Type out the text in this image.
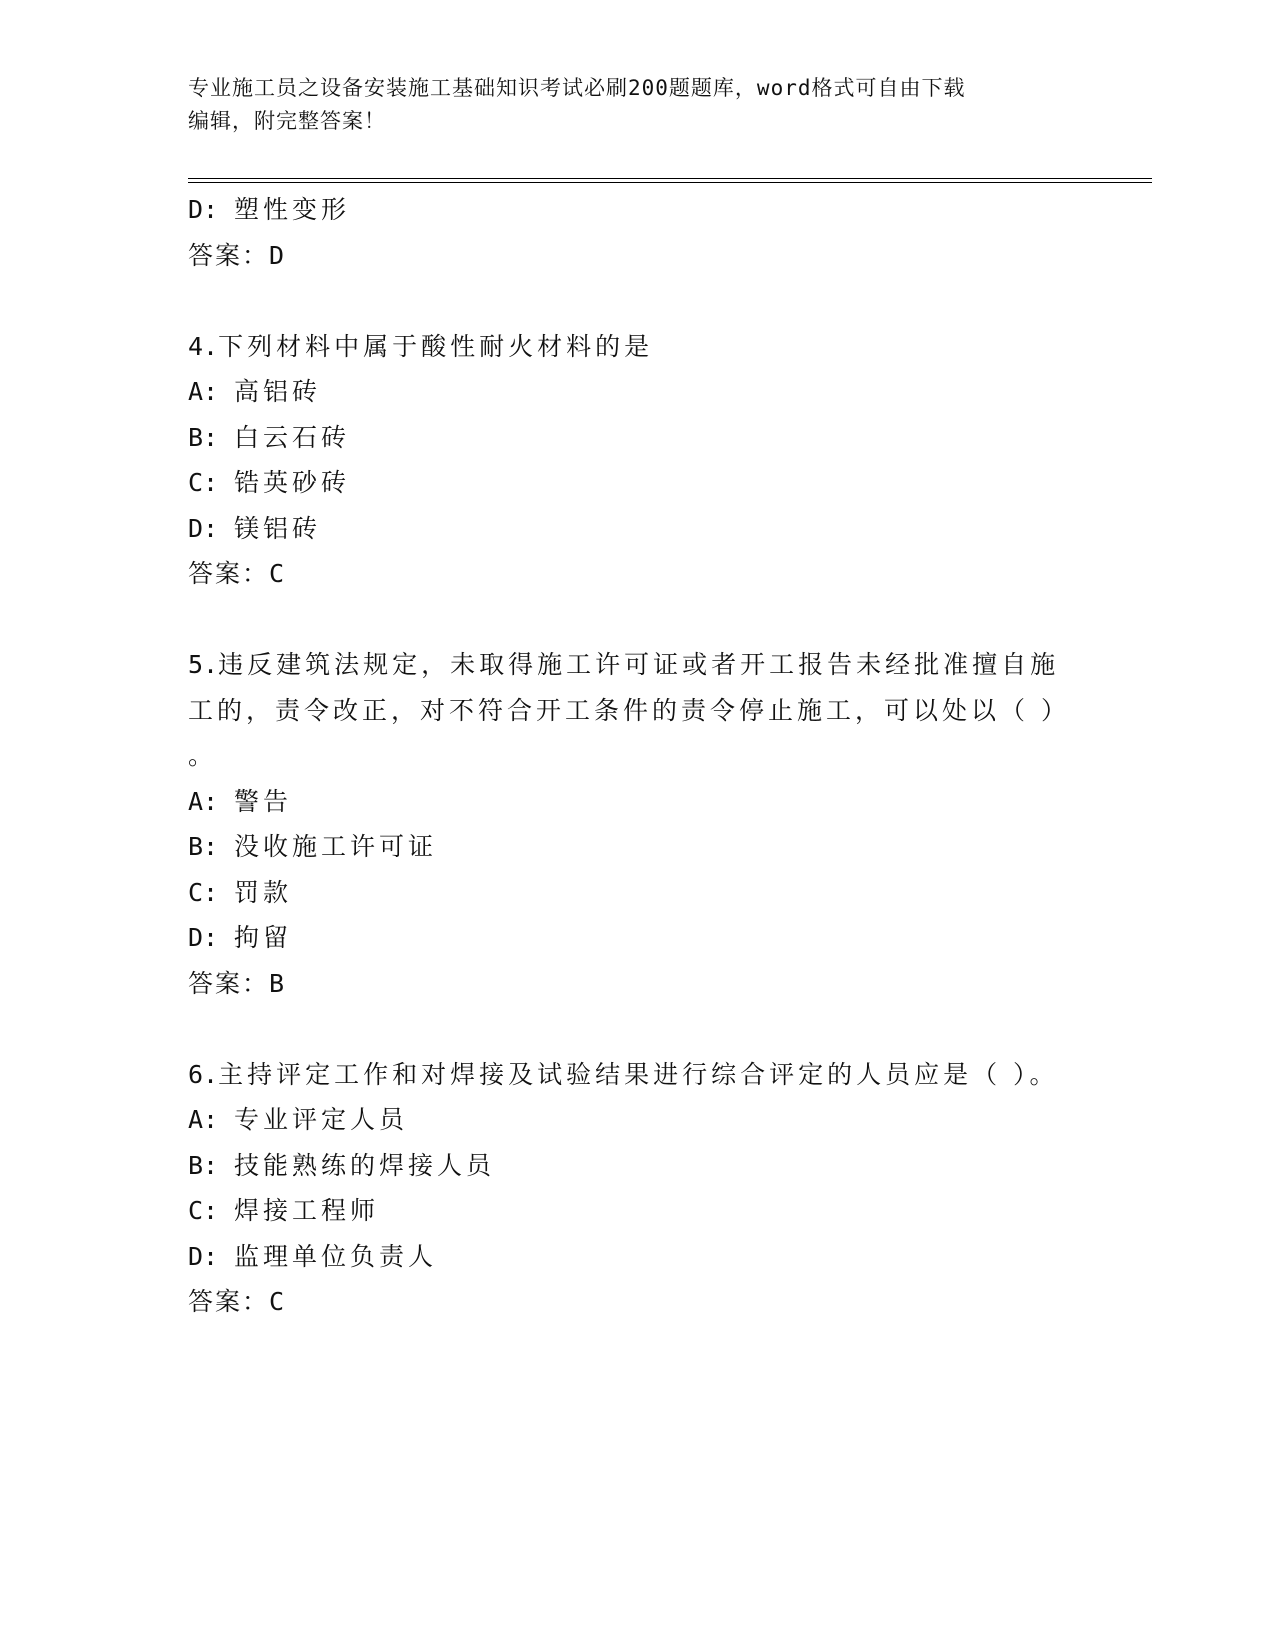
专业施工员之设备安装施工基础知识考试必刷200题题库，word格式可自由下载
编辑，附完整答案！
D: 塑性变形
答案：D
4.下列材料中属于酸性耐火材料的是
A: 高铝砖
B: 白云石砖
C: 锆英砂砖
D: 镁铝砖
答案：C
5.违反建筑法规定，未取得施工许可证或者开工报告未经批准擅自施
工的，责令改正，对不符合开工条件的责令停止施工，可以处以（ ）
。
A: 警告
B: 没收施工许可证
C: 罚款
D: 拘留
答案：B
6.主持评定工作和对焊接及试验结果进行综合评定的人员应是（ ）。
A: 专业评定人员
B: 技能熟练的焊接人员
C: 焊接工程师
D: 监理单位负责人
答案：C
